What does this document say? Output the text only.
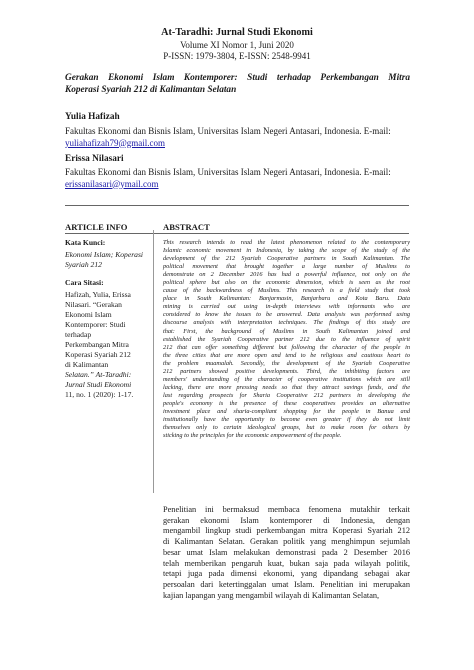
At-Taradhi: Jurnal Studi Ekonomi
Volume XI Nomor 1, Juni 2020
P-ISSN: 1979-3804, E-ISSN: 2548-9941
Gerakan Ekonomi Islam Kontemporer: Studi terhadap Perkembangan Mitra
Koperasi Syariah 212 di Kalimantan Selatan
Yulia Hafizah
Fakultas Ekonomi dan Bisnis Islam, Universitas Islam Negeri Antasari, Indonesia. E-mail:
yuliahafizah79@gmail.com
Erissa Nilasari
Fakultas Ekonomi dan Bisnis Islam, Universitas Islam Negeri Antasari, Indonesia. E-mail:
erissanilasari@ymail.com
ARTICLE INFO	ABSTRACT
Kata Kunci:
Ekonomi Islam; Koperasi
Syariah 212
Cara Sitasi:
Hafizah, Yulia, Erissa
Nilasari. “Gerakan
Ekonomi Islam
Kontemporer: Studi
terhadap
Perkembangan Mitra
Koperasi Syariah 212
di Kalimantan
Selatan.” At-Taradhi:
Jurnal Studi Ekonomi
11, no. 1 (2020): 1-17.
This research intends to read the latest phenomenon related to the contemporary
Islamic economic movement in Indonesia, by taking the scope of the study of the
development of the 212 Syariah Cooperative partners in South Kalimantan. The
political movement that brought together a large number of Muslims to
demonstrate on 2 December 2016 has had a powerful influence, not only on the
political sphere but also on the economic dimension, which is seen as the root
cause of the backwardness of Muslims. This research is a field study that took
place in South Kalimantan: Banjarmasin, Banjarbaru and Kota Baru. Data
mining is carried out using in-depth interviews with informants who are
considered to know the issues to be answered. Data analysis was performed using
discourse analysis with interpretation techniques. The findings of this study are
that: First, the background of Muslims in South Kalimantan joined and
established the Syariah Cooperative partner 212 due to the influence of spirit
212 that can offer something different but following the character of the people in
the three cities that are more open and tend to be religious and cautious heart to
the problem muamalah. Secondly, the development of the Syariah Cooperative
212 partners showed positive developments. Third, the inhibiting factors are
members' understanding of the character of cooperative institutions which are still
lacking, there are more pressing needs so that they attract savings funds, and the
last regarding prospects for Sharia Cooperative 212 partners in developing the
people's economy is the presence of these cooperatives provides an alternative
investment place and sharia-compliant shopping for the people in Banua and
institutionally have the opportunity to become even greater if they do not limit
themselves only to certain ideological groups, but to make room for others by
sticking to the principles for the economic empowerment of the people.
Penelitian ini bermaksud membaca fenomena mutakhir terkait
gerakan ekonomi Islam kontemporer di Indonesia, dengan
mengambil lingkup studi perkembangan mitra Koperasi Syariah 212
di Kalimantan Selatan. Gerakan politik yang menghimpun sejumlah
besar umat Islam melakukan demonstrasi pada 2 Desember 2016
telah memberikan pengaruh kuat, bukan saja pada wilayah politik,
tetapi juga pada dimensi ekonomi, yang dipandang sebagai akar
persoalan dari ketertinggalan umat Islam. Penelitian ini merupakan
kajian lapangan yang mengambil wilayah di Kalimantan Selatan,
